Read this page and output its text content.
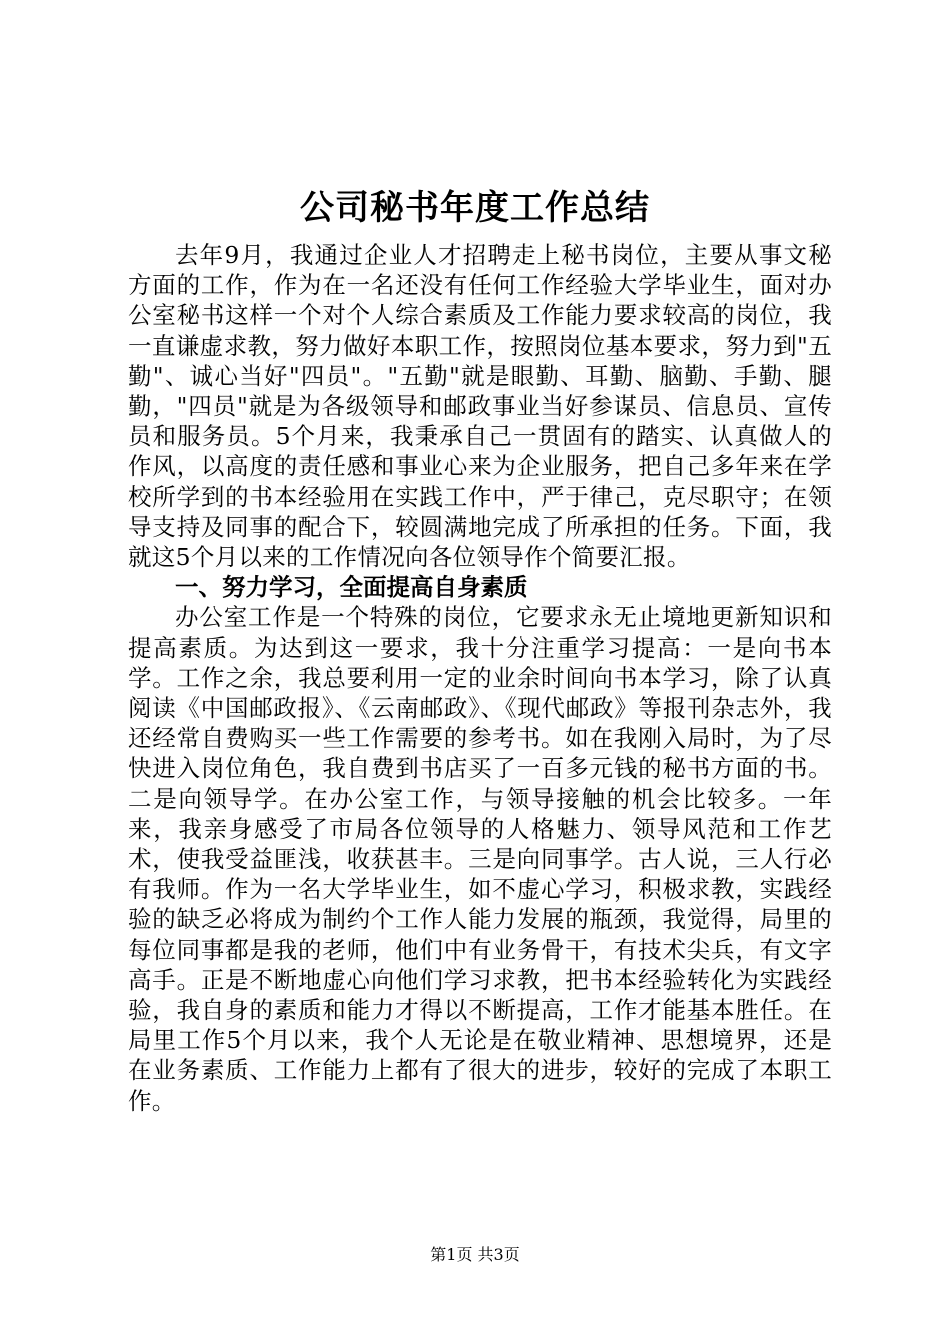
公司秘书年度工作总结

去年9月，我通过企业人才招聘走上秘书岗位，主要从事文秘方面的工作，作为在一名还没有任何工作经验大学毕业生，面对办公室秘书这样一个对个人综合素质及工作能力要求较高的岗位，我一直谦虚求教，努力做好本职工作，按照岗位基本要求，努力到"五勤"、诚心当好"四员"。"五勤"就是眼勤、耳勤、脑勤、手勤、腿勤，"四员"就是为各级领导和邮政事业当好参谋员、信息员、宣传员和服务员。5个月来，我秉承自己一贯固有的踏实、认真做人的作风，以高度的责任感和事业心来为企业服务，把自己多年来在学校所学到的书本经验用在实践工作中，严于律己，克尽职守；在领导支持及同事的配合下，较圆满地完成了所承担的任务。下面，我就这5个月以来的工作情况向各位领导作个简要汇报。

一、努力学习，全面提高自身素质

办公室工作是一个特殊的岗位，它要求永无止境地更新知识和提高素质。为达到这一要求，我十分注重学习提高：一是向书本学。工作之余，我总要利用一定的业余时间向书本学习，除了认真阅读《中国邮政报》、《云南邮政》、《现代邮政》等报刊杂志外，我还经常自费购买一些工作需要的参考书。如在我刚入局时，为了尽快进入岗位角色，我自费到书店买了一百多元钱的秘书方面的书。二是向领导学。在办公室工作，与领导接触的机会比较多。一年来，我亲身感受了市局各位领导的人格魅力、领导风范和工作艺术，使我受益匪浅，收获甚丰。三是向同事学。古人说，三人行必有我师。作为一名大学毕业生，如不虚心学习，积极求教，实践经验的缺乏必将成为制约个工作人能力发展的瓶颈，我觉得，局里的每位同事都是我的老师，他们中有业务骨干，有技术尖兵，有文字高手。正是不断地虚心向他们学习求教，把书本经验转化为实践经验，我自身的素质和能力才得以不断提高，工作才能基本胜任。在局里工作5个月以来，我个人无论是在敬业精神、思想境界，还是在业务素质、工作能力上都有了很大的进步，较好的完成了本职工作。

第1页 共3页
